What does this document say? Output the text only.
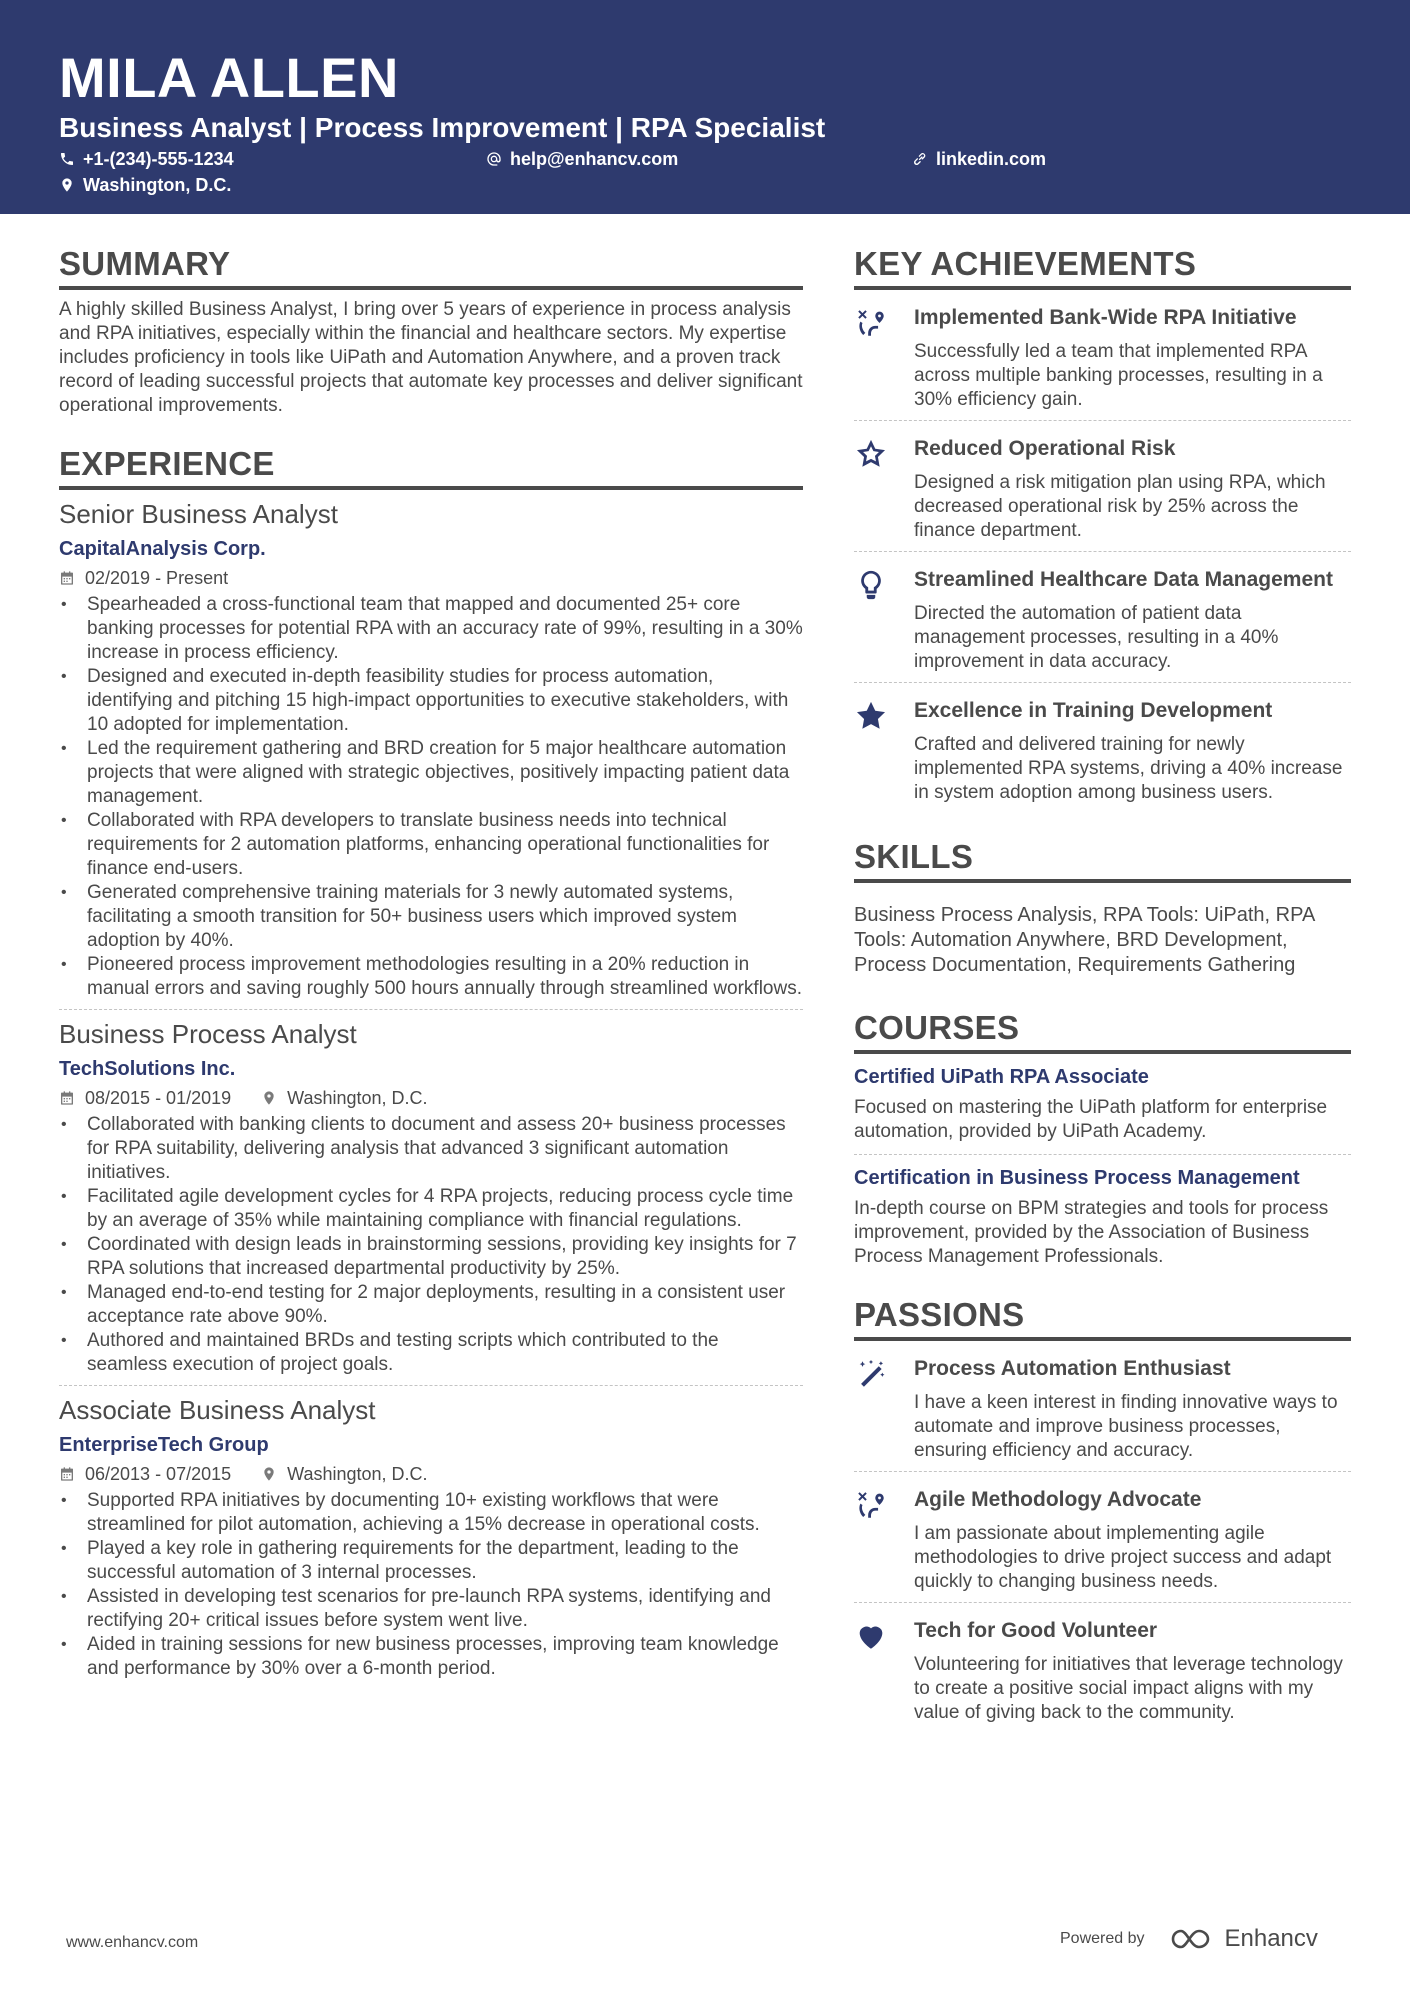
MILA ALLEN
Business Analyst | Process Improvement | RPA Specialist
+1-(234)-555-1234	help@enhancv.com	linkedin.com
Washington, D.C.
SUMMARY
A highly skilled Business Analyst, I bring over 5 years of experience in process analysis and RPA initiatives, especially within the financial and healthcare sectors. My expertise includes proficiency in tools like UiPath and Automation Anywhere, and a proven track record of leading successful projects that automate key processes and deliver significant operational improvements.
EXPERIENCE
Senior Business Analyst
CapitalAnalysis Corp.
02/2019 - Present
• Spearheaded a cross-functional team that mapped and documented 25+ core banking processes for potential RPA with an accuracy rate of 99%, resulting in a 30% increase in process efficiency.
• Designed and executed in-depth feasibility studies for process automation, identifying and pitching 15 high-impact opportunities to executive stakeholders, with 10 adopted for implementation.
• Led the requirement gathering and BRD creation for 5 major healthcare automation projects that were aligned with strategic objectives, positively impacting patient data management.
• Collaborated with RPA developers to translate business needs into technical requirements for 2 automation platforms, enhancing operational functionalities for finance end-users.
• Generated comprehensive training materials for 3 newly automated systems, facilitating a smooth transition for 50+ business users which improved system adoption by 40%.
• Pioneered process improvement methodologies resulting in a 20% reduction in manual errors and saving roughly 500 hours annually through streamlined workflows.
Business Process Analyst
TechSolutions Inc.
08/2015 - 01/2019	Washington, D.C.
• Collaborated with banking clients to document and assess 20+ business processes for RPA suitability, delivering analysis that advanced 3 significant automation initiatives.
• Facilitated agile development cycles for 4 RPA projects, reducing process cycle time by an average of 35% while maintaining compliance with financial regulations.
• Coordinated with design leads in brainstorming sessions, providing key insights for 7 RPA solutions that increased departmental productivity by 25%.
• Managed end-to-end testing for 2 major deployments, resulting in a consistent user acceptance rate above 90%.
• Authored and maintained BRDs and testing scripts which contributed to the seamless execution of project goals.
Associate Business Analyst
EnterpriseTech Group
06/2013 - 07/2015	Washington, D.C.
• Supported RPA initiatives by documenting 10+ existing workflows that were streamlined for pilot automation, achieving a 15% decrease in operational costs.
• Played a key role in gathering requirements for the department, leading to the successful automation of 3 internal processes.
• Assisted in developing test scenarios for pre-launch RPA systems, identifying and rectifying 20+ critical issues before system went live.
• Aided in training sessions for new business processes, improving team knowledge and performance by 30% over a 6-month period.
KEY ACHIEVEMENTS
Implemented Bank-Wide RPA Initiative
Successfully led a team that implemented RPA across multiple banking processes, resulting in a 30% efficiency gain.
Reduced Operational Risk
Designed a risk mitigation plan using RPA, which decreased operational risk by 25% across the finance department.
Streamlined Healthcare Data Management
Directed the automation of patient data management processes, resulting in a 40% improvement in data accuracy.
Excellence in Training Development
Crafted and delivered training for newly implemented RPA systems, driving a 40% increase in system adoption among business users.
SKILLS
Business Process Analysis, RPA Tools: UiPath, RPA Tools: Automation Anywhere, BRD Development, Process Documentation, Requirements Gathering
COURSES
Certified UiPath RPA Associate
Focused on mastering the UiPath platform for enterprise automation, provided by UiPath Academy.
Certification in Business Process Management
In-depth course on BPM strategies and tools for process improvement, provided by the Association of Business Process Management Professionals.
PASSIONS
Process Automation Enthusiast
I have a keen interest in finding innovative ways to automate and improve business processes, ensuring efficiency and accuracy.
Agile Methodology Advocate
I am passionate about implementing agile methodologies to drive project success and adapt quickly to changing business needs.
Tech for Good Volunteer
Volunteering for initiatives that leverage technology to create a positive social impact aligns with my value of giving back to the community.
www.enhancv.com	Powered by	Enhancv
